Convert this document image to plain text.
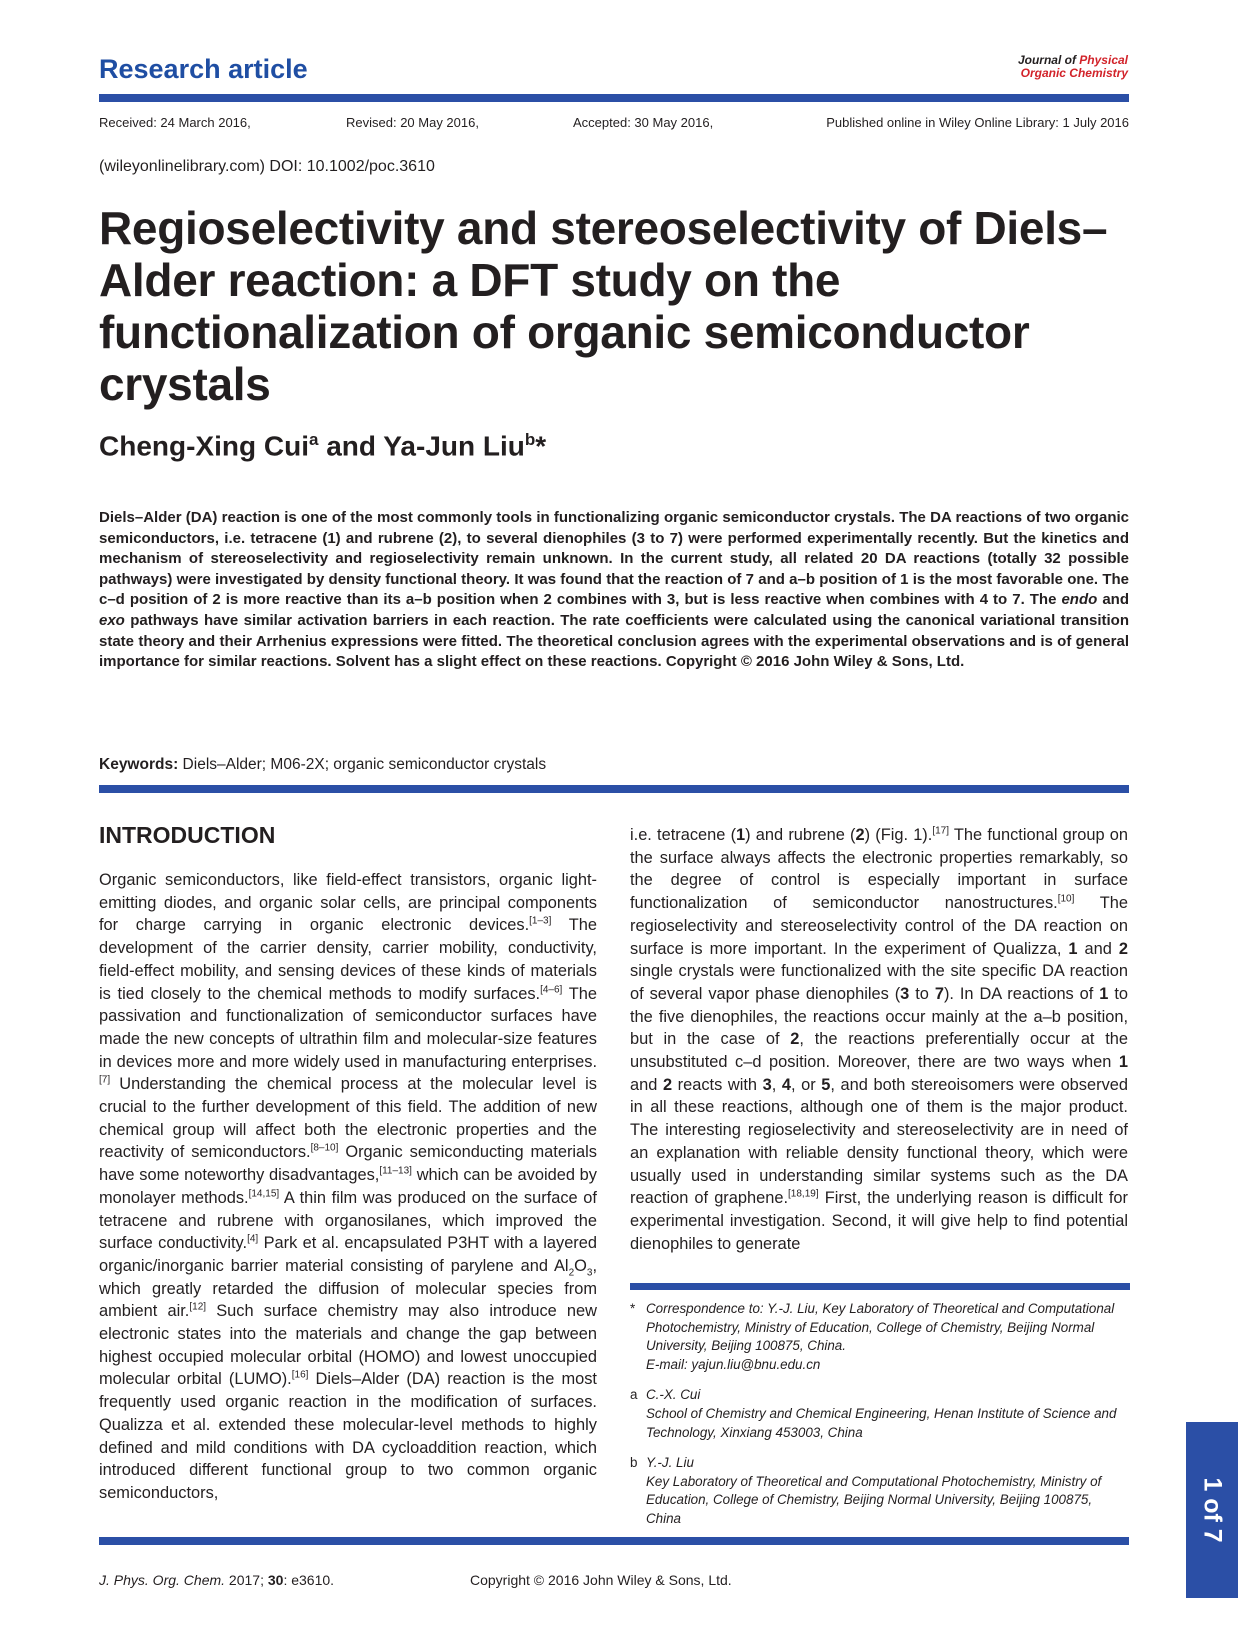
Research article	Journal of Physical
Organic Chemistry
Received: 24 March 2016,	Revised: 20 May 2016,	Accepted: 30 May 2016,	Published online in Wiley Online Library: 1 July 2016
(wileyonlinelibrary.com) DOI: 10.1002/poc.3610
Regioselectivity and stereoselectivity of Diels–Alder reaction: a DFT study on the functionalization of organic semiconductor crystals
Cheng-Xing Cui$^a$ and Ya-Jun Liu$^b$*
Diels–Alder (DA) reaction is one of the most commonly tools in functionalizing organic semiconductor crystals. The DA reactions of two organic semiconductors, i.e. tetracene (1) and rubrene (2), to several dienophiles (3 to 7) were performed experimentally recently. But the kinetics and mechanism of stereoselectivity and regioselectivity remain unknown. In the current study, all related 20 DA reactions (totally 32 possible pathways) were investigated by density functional theory. It was found that the reaction of 7 and a–b position of 1 is the most favorable one. The c–d position of 2 is more reactive than its a–b position when 2 combines with 3, but is less reactive when combines with 4 to 7. The endo and exo pathways have similar activation barriers in each reaction. The rate coefficients were calculated using the canonical variational transition state theory and their Arrhenius expressions were fitted. The theoretical conclusion agrees with the experimental observations and is of general importance for similar reactions. Solvent has a slight effect on these reactions. Copyright © 2016 John Wiley & Sons, Ltd.
Keywords: Diels–Alder; M06-2X; organic semiconductor crystals
INTRODUCTION
Organic semiconductors, like field-effect transistors, organic light-emitting diodes, and organic solar cells, are principal components for charge carrying in organic electronic devices.[1–3] The development of the carrier density, carrier mobility, conductivity, field-effect mobility, and sensing devices of these kinds of materials is tied closely to the chemical methods to modify surfaces.[4–6] The passivation and functionalization of semiconductor surfaces have made the new concepts of ultrathin film and molecular-size features in devices more and more widely used in manufacturing enterprises.[7] Understanding the chemical process at the molecular level is crucial to the further development of this field. The addition of new chemical group will affect both the electronic properties and the reactivity of semiconductors.[8–10] Organic semiconducting materials have some noteworthy disadvantages,[11–13] which can be avoided by monolayer methods.[14,15] A thin film was produced on the surface of tetracene and rubrene with organosilanes, which improved the surface conductivity.[4] Park et al. encapsulated P3HT with a layered organic/inorganic barrier material consisting of parylene and $Al_2O_3$, which greatly retarded the diffusion of molecular species from ambient air.[12] Such surface chemistry may also introduce new electronic states into the materials and change the gap between highest occupied molecular orbital (HOMO) and lowest unoccupied molecular orbital (LUMO).[16] Diels–Alder (DA) reaction is the most frequently used organic reaction in the modification of surfaces. Qualizza et al. extended these molecular-level methods to highly defined and mild conditions with DA cycloaddition reaction, which introduced different functional group to two common organic semiconductors,
i.e. tetracene (1) and rubrene (2) (Fig. 1).[17] The functional group on the surface always affects the electronic properties remarkably, so the degree of control is especially important in surface functionalization of semiconductor nanostructures.[10] The regioselectivity and stereoselectivity control of the DA reaction on surface is more important. In the experiment of Qualizza, 1 and 2 single crystals were functionalized with the site specific DA reaction of several vapor phase dienophiles (3 to 7). In DA reactions of 1 to the five dienophiles, the reactions occur mainly at the a–b position, but in the case of 2, the reactions preferentially occur at the unsubstituted c–d position. Moreover, there are two ways when 1 and 2 reacts with 3, 4, or 5, and both stereoisomers were observed in all these reactions, although one of them is the major product. The interesting regioselectivity and stereoselectivity are in need of an explanation with reliable density functional theory, which were usually used in understanding similar systems such as the DA reaction of graphene.[18,19] First, the underlying reason is difficult for experimental investigation. Second, it will give help to find potential dienophiles to generate
* Correspondence to: Y.-J. Liu, Key Laboratory of Theoretical and Computational Photochemistry, Ministry of Education, College of Chemistry, Beijing Normal University, Beijing 100875, China.
E-mail: yajun.liu@bnu.edu.cn
a C.-X. Cui
School of Chemistry and Chemical Engineering, Henan Institute of Science and Technology, Xinxiang 453003, China
b Y.-J. Liu
Key Laboratory of Theoretical and Computational Photochemistry, Ministry of Education, College of Chemistry, Beijing Normal University, Beijing 100875, China
J. Phys. Org. Chem. 2017; 30: e3610.	Copyright © 2016 John Wiley & Sons, Ltd.
1 of 7
